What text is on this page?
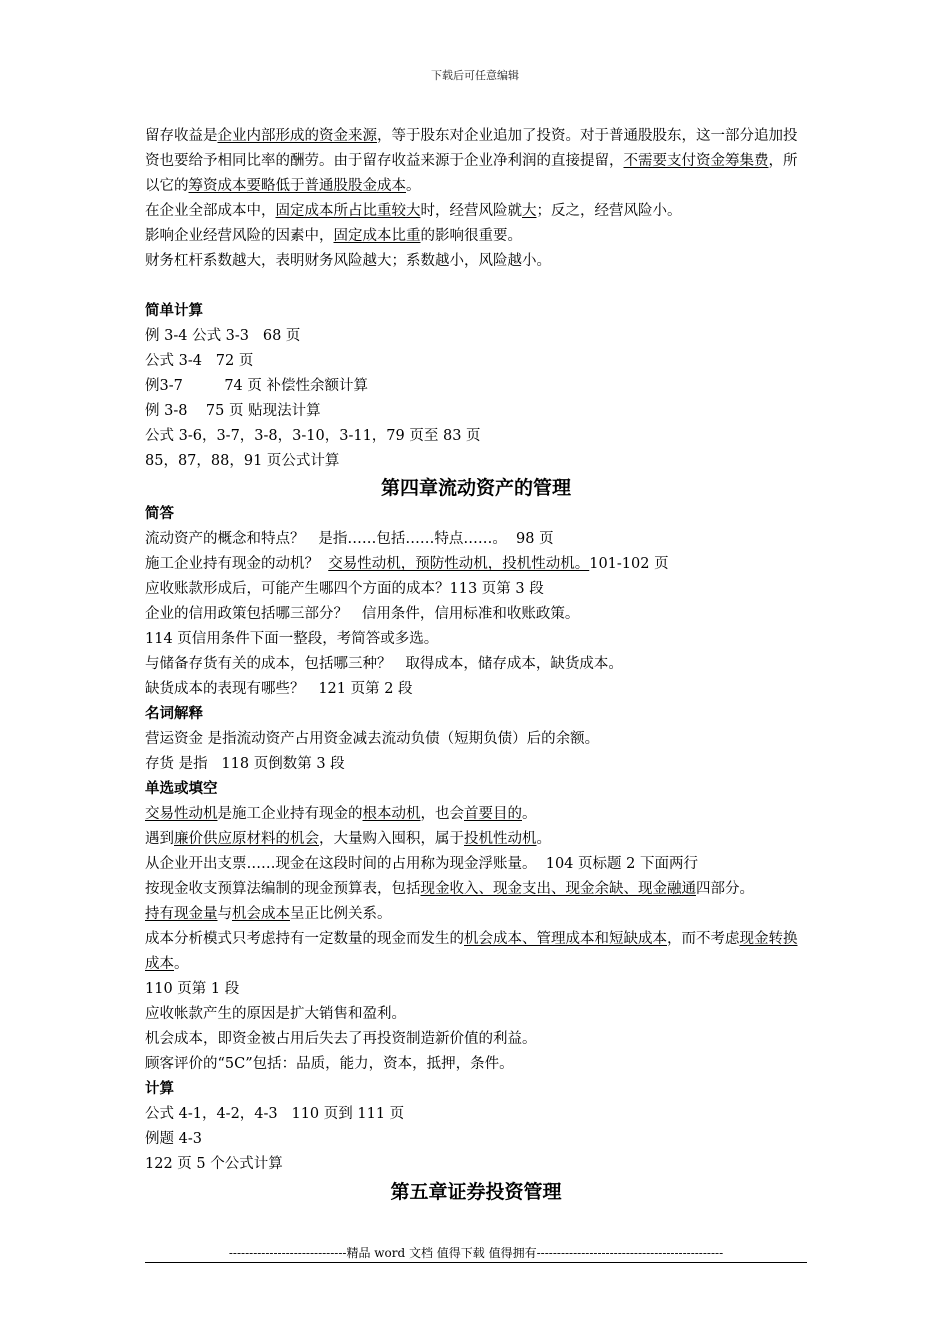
下载后可任意编辑

留存收益是企业内部形成的资金来源，等于股东对企业追加了投资。对于普通股股东，这一部分追加投资也要给予相同比率的酬劳。由于留存收益来源于企业净利润的直接提留，不需要支付资金筹集费，所以它的筹资成本要略低于普通股股金成本。

在企业全部成本中，固定成本所占比重较大时，经营风险就大；反之，经营风险小。

影响企业经营风险的因素中，固定成本比重的影响很重要。

财务杠杆系数越大，表明财务风险越大；系数越小，风险越小。

简单计算

例 3-4 公式 3-3   68 页

公式 3-4   72 页

例3-7         74 页 补偿性余额计算

例 3-8    75 页 贴现法计算

公式 3-6，3-7，3-8，3-10，3-11，79 页至 83 页

85，87，88，91 页公式计算

第四章流动资产的管理

简答

流动资产的概念和特点？   是指……包括……特点……。  98 页

施工企业持有现金的动机？  交易性动机，预防性动机，投机性动机。101-102 页

应收账款形成后，可能产生哪四个方面的成本？113 页第 3 段

企业的信用政策包括哪三部分？   信用条件，信用标准和收账政策。

114 页信用条件下面一整段，考简答或多选。

与储备存货有关的成本，包括哪三种？   取得成本，储存成本，缺货成本。

缺货成本的表现有哪些？   121 页第 2 段

名词解释

营运资金 是指流动资产占用资金减去流动负债（短期负债）后的余额。

存货 是指   118 页倒数第 3 段

单选或填空

交易性动机是施工企业持有现金的根本动机，也会首要目的。

遇到廉价供应原材料的机会，大量购入囤积，属于投机性动机。

从企业开出支票……现金在这段时间的占用称为现金浮账量。  104 页标题 2 下面两行

按现金收支预算法编制的现金预算表，包括现金收入、现金支出、现金余缺、现金融通四部分。

持有现金量与机会成本呈正比例关系。

成本分析模式只考虑持有一定数量的现金而发生的机会成本、管理成本和短缺成本，而不考虑现金转换成本。

110 页第 1 段

应收帐款产生的原因是扩大销售和盈利。

机会成本，即资金被占用后失去了再投资制造新价值的利益。

顾客评价的“5C”包括：品质，能力，资本，抵押，条件。

计算

公式 4-1，4-2，4-3   110 页到 111 页

例题 4-3

122 页 5 个公式计算

第五章证券投资管理

-----------------------------精品 word 文档 值得下载 值得拥有----------------------------------------------
